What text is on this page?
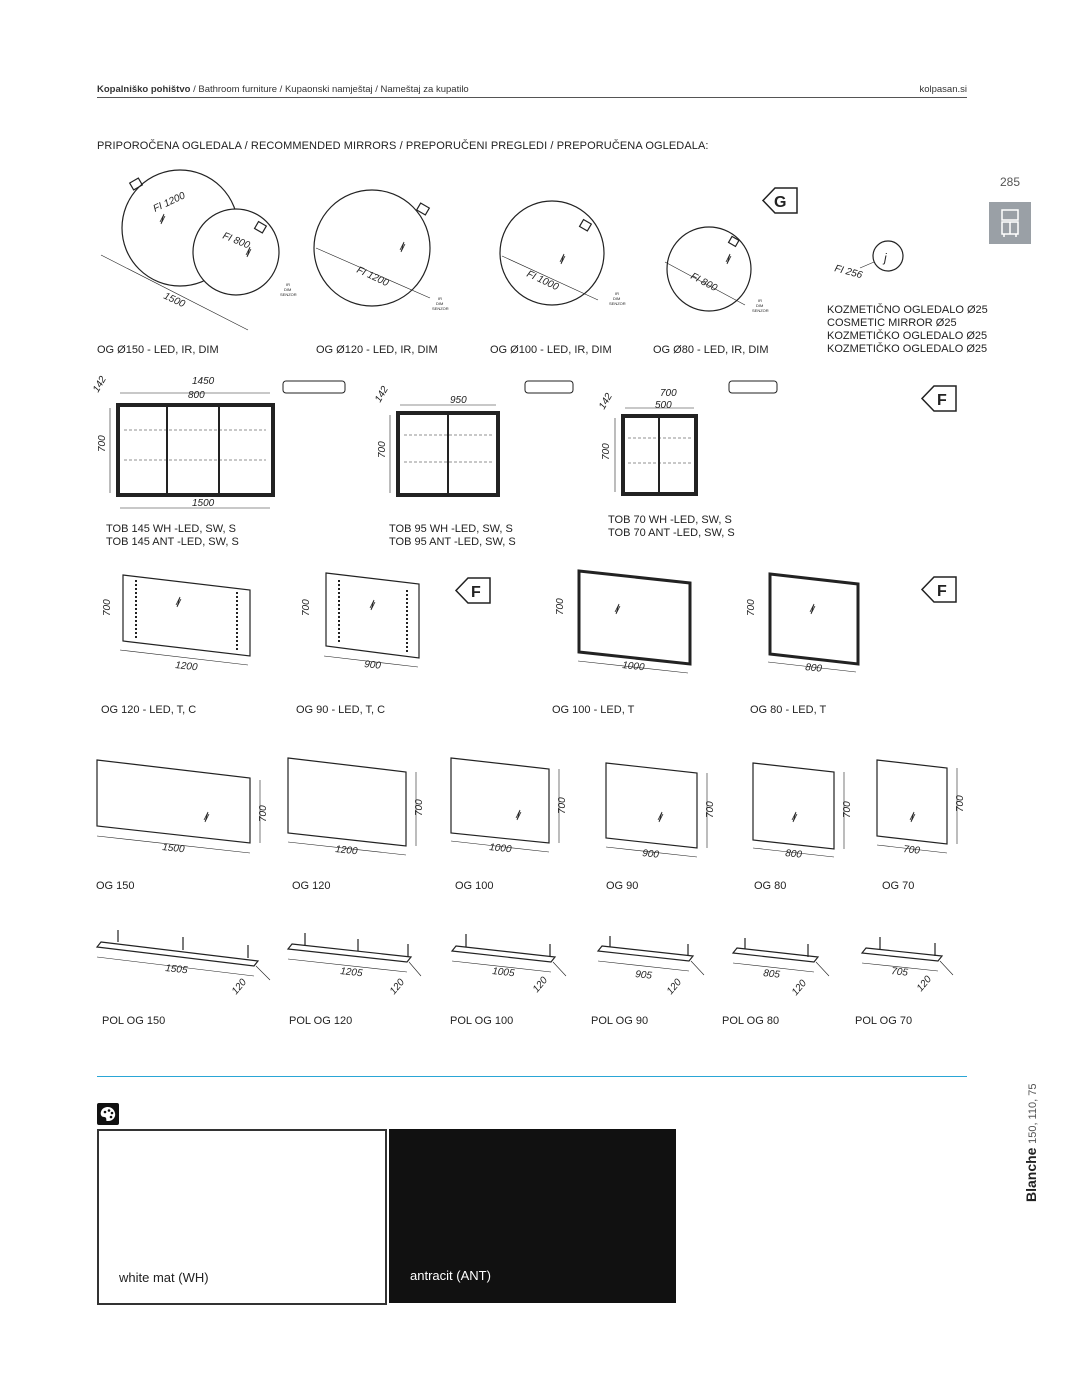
Kopalniško pohištvo / Bathroom furniture / Kupaonski namještaj / Nameštaj za kupatilo	kolpasan.si
PRIPOROČENA OGLEDALA / RECOMMENDED MIRRORS / PREPORUČENI PREGLEDI / PREPORUČENA OGLEDALA:
285
FI 1200
FI 800
1500
FI 1200	FI 1000	FI 800	FI 256
j
IR
DIM
SENZOR
IR
DIM
SENZOR
IR
DIM
SENZOR
IR
DIM
SENZOR
G
F
F	F
142	1450
800
700
1500
142	950
700
142	700
500
700
700
1200
700
900
700
1000
700
800
1500
700
1200
700
1000
700
900
700
800
700
700
700
1505
120
1205
120
1005
120	905
120
805
120
705
120
OG Ø150 - LED, IR, DIM	OG Ø120 - LED, IR, DIM	OG Ø100 - LED, IR, DIM	OG Ø80 - LED, IR, DIM
KOZMETIČNO OGLEDALO Ø25
COSMETIC MIRROR Ø25
KOZMETIČKO OGLEDALO Ø25
KOZMETIČKO OGLEDALO Ø25
TOB 145 WH -LED, SW, S
TOB 145 ANT -LED, SW, S
TOB 95 WH -LED, SW, S
TOB 95 ANT -LED, SW, S
TOB 70 WH -LED, SW, S
TOB 70 ANT -LED, SW, S
OG 120 - LED, T, C	OG 90 - LED, T, C	OG 100 - LED, T	OG 80 - LED, T
OG 150	OG 120	OG 100	OG 90	OG 80	OG 70
POL OG 150	POL OG 120	POL OG 100	POL OG 90	POL OG 80	POL OG 70
white mat (WH)	antracit (ANT)
Blanche 150, 110, 75
